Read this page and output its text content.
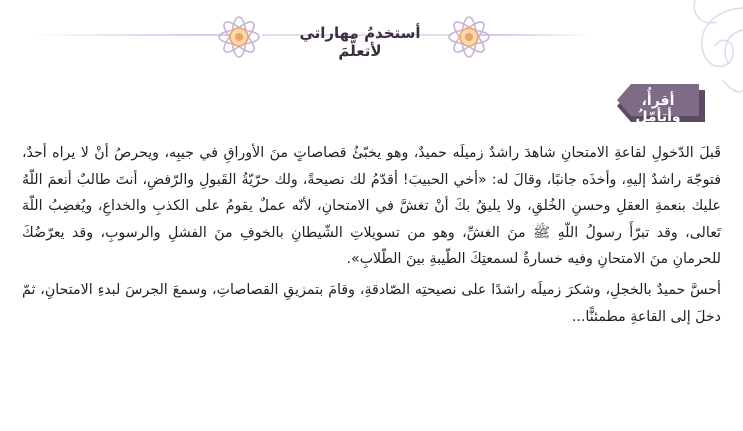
أستخدمُ مهاراتي لأتعلَّمَ
أقرأُ، وأتأمّلُ

قَبلَ الدّخولِ لقاعةِ الامتحانِ شاهدَ راشدٌ زميلَه حميدٌ، وهو يخبّئُ قصاصاتٍ منَ الأوراقِ في جيبِه، ويحرصُ أنْ لا يراه أحدٌ، فتوجّهَ راشدٌ إليهِ، وأخذَه جانبًا، وقالَ له: «أخي الحبيبَ! أقدّمُ لك نصيحةً، ولك حرّيّةُ القَبولِ والرّفضِ، أنتَ طالبٌ أنعمَ اللّهُ عليك بنعمةِ العقلِ وحسنِ الخُلقِ، ولا يليقُ بكَ أنْ تغشَّ في الامتحانِ، لأنّه عملٌ يقومُ على الكذبِ والخداعِ، ويُغضِبُ اللّهَ تَعالى، وقد تبرّأَ رسولُ اللّهِ ﷺ منَ الغشِّ، وهو من تسويلاتِ الشّيطانِ بالخوفِ منَ الفشلِ والرسوبِ، وقد يعرّضُكَ للحرمانِ منَ الامتحانِ وفيه خسارةٌ لسمعتِكَ الطّيبةِ بينَ الطّلابِ».

أحسَّ حميدٌ بالخجلِ، وشكرَ زميلَه راشدًا على نصيحتِه الصّادقةِ، وقامَ بتمزيقِ القصاصاتِ، وسمعَ الجرسَ لبدءِ الامتحانِ، ثمّ دخلَ إلى القاعةِ مطمئنًّا...
